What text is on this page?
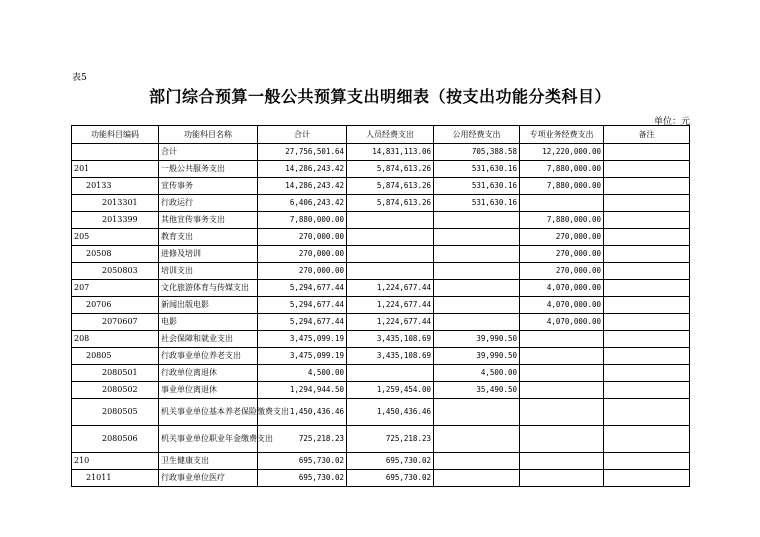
表5
部门综合预算一般公共预算支出明细表（按支出功能分类科目）
单位：元
功能科目编码	功能科目名称	合计	人员经费支出	公用经费支出	专项业务经费支出	备注
	合计	27,756,501.64	14,831,113.06	705,388.58	12,220,000.00	
201	一般公共服务支出	14,286,243.42	5,874,613.26	531,630.16	7,880,000.00	
20133	宣传事务	14,286,243.42	5,874,613.26	531,630.16	7,880,000.00	
2013301	行政运行	6,406,243.42	5,874,613.26	531,630.16		
2013399	其他宣传事务支出	7,880,000.00			7,880,000.00	
205	教育支出	270,000.00			270,000.00	
20508	进修及培训	270,000.00			270,000.00	
2050803	培训支出	270,000.00			270,000.00	
207	文化旅游体育与传媒支出	5,294,677.44	1,224,677.44		4,070,000.00	
20706	新闻出版电影	5,294,677.44	1,224,677.44		4,070,000.00	
2070607	电影	5,294,677.44	1,224,677.44		4,070,000.00	
208	社会保障和就业支出	3,475,099.19	3,435,108.69	39,990.50		
20805	行政事业单位养老支出	3,475,099.19	3,435,108.69	39,990.50		
2080501	行政单位离退休	4,500.00		4,500.00		
2080502	事业单位离退休	1,294,944.50	1,259,454.00	35,490.50		
2080505	机关事业单位基本养老保险缴费支出	1,450,436.46	1,450,436.46			
2080506	机关事业单位职业年金缴费支出	725,218.23	725,218.23			
210	卫生健康支出	695,730.02	695,730.02			
21011	行政事业单位医疗	695,730.02	695,730.02			
